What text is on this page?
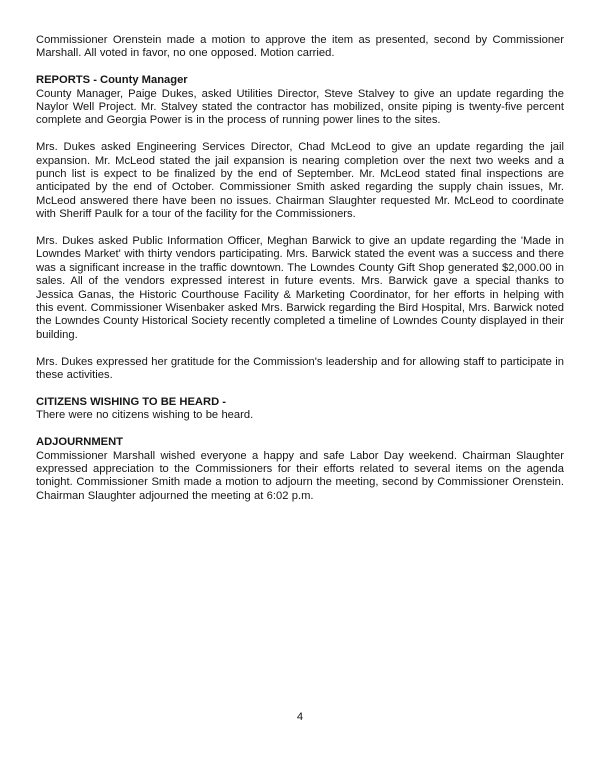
Commissioner Orenstein made a motion to approve the item as presented, second by Commissioner Marshall. All voted in favor, no one opposed. Motion carried.

REPORTS - County Manager

County Manager, Paige Dukes, asked Utilities Director, Steve Stalvey to give an update regarding the Naylor Well Project. Mr. Stalvey stated the contractor has mobilized, onsite piping is twenty-five percent complete and Georgia Power is in the process of running power lines to the sites.

Mrs. Dukes asked Engineering Services Director, Chad McLeod to give an update regarding the jail expansion. Mr. McLeod stated the jail expansion is nearing completion over the next two weeks and a punch list is expect to be finalized by the end of September. Mr. McLeod stated final inspections are anticipated by the end of October. Commissioner Smith asked regarding the supply chain issues, Mr. McLeod answered there have been no issues. Chairman Slaughter requested Mr. McLeod to coordinate with Sheriff Paulk for a tour of the facility for the Commissioners.

Mrs. Dukes asked Public Information Officer, Meghan Barwick to give an update regarding the 'Made in Lowndes Market' with thirty vendors participating. Mrs. Barwick stated the event was a success and there was a significant increase in the traffic downtown. The Lowndes County Gift Shop generated $2,000.00 in sales. All of the vendors expressed interest in future events. Mrs. Barwick gave a special thanks to Jessica Ganas, the Historic Courthouse Facility & Marketing Coordinator, for her efforts in helping with this event. Commissioner Wisenbaker asked Mrs. Barwick regarding the Bird Hospital, Mrs. Barwick noted the Lowndes County Historical Society recently completed a timeline of Lowndes County displayed in their building.

Mrs. Dukes expressed her gratitude for the Commission's leadership and for allowing staff to participate in these activities.

CITIZENS WISHING TO BE HEARD -

There were no citizens wishing to be heard.

ADJOURNMENT

Commissioner Marshall wished everyone a happy and safe Labor Day weekend. Chairman Slaughter expressed appreciation to the Commissioners for their efforts related to several items on the agenda tonight. Commissioner Smith made a motion to adjourn the meeting, second by Commissioner Orenstein. Chairman Slaughter adjourned the meeting at 6:02 p.m.

4
